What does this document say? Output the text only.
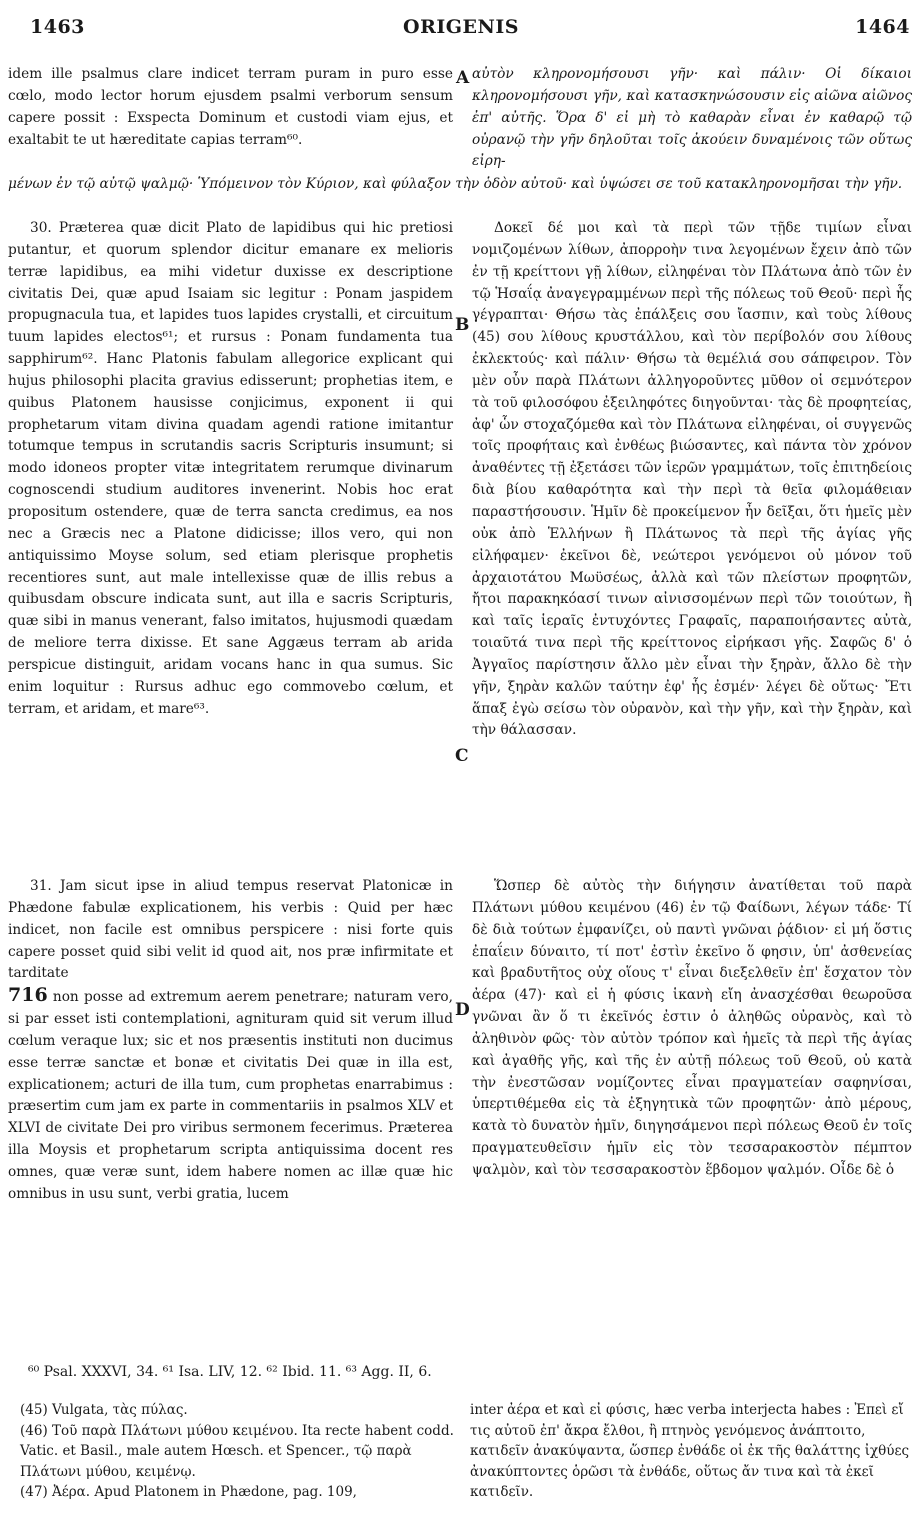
1463	ORIGENIS	1464
A
B
C
D

idem ille psalmus clare indicet terram puram in puro esse cœlo, modo lector horum ejusdem psalmi verborum sensum capere possit : Exspecta Dominum et custodi viam ejus, et exaltabit te ut hæreditate capias terram⁶⁰.

αὐτὸν κληρονομήσουσι γῆν· καὶ πάλιν· Οἱ δίκαιοι κληρονομήσουσι γῆν, καὶ κατασκηνώσουσιν εἰς αἰῶνα αἰῶνος ἐπ' αὐτῆς. Ὅρα δ' εἰ μὴ τὸ καθαρὰν εἶναι ἐν καθαρῷ τῷ οὐρανῷ τὴν γῆν δηλοῦται τοῖς ἀκούειν δυναμένοις τῶν οὕτως εἰρη-

μένων ἐν τῷ αὐτῷ ψαλμῷ· Ὑπόμεινον τὸν Κύριον, καὶ φύλαξον τὴν ὁδὸν αὐτοῦ· καὶ ὑψώσει σε τοῦ κατακληρονομῆσαι τὴν γῆν.

30. Præterea quæ dicit Plato de lapidibus qui hic pretiosi putantur, et quorum splendor dicitur emanare ex melioris terræ lapidibus, ea mihi videtur duxisse ex descriptione civitatis Dei, quæ apud Isaiam sic legitur : Ponam jaspidem propugnacula tua, et lapides tuos lapides crystalli, et circuitum tuum lapides electos⁶¹; et rursus : Ponam fundamenta tua sapphirum⁶². Hanc Platonis fabulam allegorice explicant qui hujus philosophi placita gravius edisserunt; prophetias item, e quibus Platonem hausisse conjicimus, exponent ii qui prophetarum vitam divina quadam agendi ratione imitantur totumque tempus in scrutandis sacris Scripturis insumunt; si modo idoneos propter vitæ integritatem rerumque divinarum cognoscendi studium auditores invenerint. Nobis hoc erat propositum ostendere, quæ de terra sancta credimus, ea nos nec a Græcis nec a Platone didicisse; illos vero, qui non antiquissimo Moyse solum, sed etiam plerisque prophetis recentiores sunt, aut male intellexisse quæ de illis rebus a quibusdam obscure indicata sunt, aut illa e sacris Scripturis, quæ sibi in manus venerant, falso imitatos, hujusmodi quædam de meliore terra dixisse. Et sane Aggæus terram ab arida perspicue distinguit, aridam vocans hanc in qua sumus. Sic enim loquitur : Rursus adhuc ego commovebo cœlum, et terram, et aridam, et mare⁶³.

Δοκεῖ δέ μοι καὶ τὰ περὶ τῶν τῇδε τιμίων εἶναι νομιζομένων λίθων, ἀπορροὴν τινα λεγομένων ἔχειν ἀπὸ τῶν ἐν τῇ κρείττονι γῇ λίθων, εἰληφέναι τὸν Πλάτωνα ἀπὸ τῶν ἐν τῷ Ἡσαΐᾳ ἀναγεγραμμένων περὶ τῆς πόλεως τοῦ Θεοῦ· περὶ ἧς γέγραπται· Θήσω τὰς ἐπάλξεις σου ἴασπιν, καὶ τοὺς λίθους (45) σου λίθους κρυστάλλου, καὶ τὸν περίβολόν σου λίθους ἐκλεκτούς· καὶ πάλιν· Θήσω τὰ θεμέλιά σου σάπφειρον. Τὸν μὲν οὖν παρὰ Πλάτωνι ἀλληγοροῦντες μῦθον οἱ σεμνότερον τὰ τοῦ φιλοσόφου ἐξειληφότες διηγοῦνται· τὰς δὲ προφητείας, ἀφ' ὧν στοχαζόμεθα καὶ τὸν Πλάτωνα εἰληφέναι, οἱ συγγενῶς τοῖς προφήταις καὶ ἐνθέως βιώσαντες, καὶ πάντα τὸν χρόνον ἀναθέντες τῇ ἐξετάσει τῶν ἱερῶν γραμμάτων, τοῖς ἐπιτηδείοις διὰ βίου καθαρότητα καὶ τὴν περὶ τὰ θεῖα φιλομάθειαν παραστήσουσιν. Ἡμῖν δὲ προκείμενον ἦν δεῖξαι, ὅτι ἡμεῖς μὲν οὐκ ἀπὸ Ἑλλήνων ἢ Πλάτωνος τὰ περὶ τῆς ἁγίας γῆς εἰλήφαμεν· ἐκεῖνοι δὲ, νεώτεροι γενόμενοι οὐ μόνον τοῦ ἀρχαιοτάτου Μωϋσέως, ἀλλὰ καὶ τῶν πλείστων προφητῶν, ἤτοι παρακηκόασί τινων αἰνισσομένων περὶ τῶν τοιούτων, ἢ καὶ ταῖς ἱεραῖς ἐντυχόντες Γραφαῖς, παραποιήσαντες αὐτὰ, τοιαῦτά τινα περὶ τῆς κρείττονος εἰρήκασι γῆς. Σαφῶς δ' ὁ Ἀγγαῖος παρίστησιν ἄλλο μὲν εἶναι τὴν ξηρὰν, ἄλλο δὲ τὴν γῆν, ξηρὰν καλῶν ταύτην ἐφ' ἧς ἐσμέν· λέγει δὲ οὕτως· Ἔτι ἅπαξ ἐγὼ σείσω τὸν οὐρανὸν, καὶ τὴν γῆν, καὶ τὴν ξηρὰν, καὶ τὴν θάλασσαν.

31. Jam sicut ipse in aliud tempus reservat Platonicæ in Phædone fabulæ explicationem, his verbis : Quid per hæc indicet, non facile est omnibus perspicere : nisi forte quis capere posset quid sibi velit id quod ait, nos præ infirmitate et tarditate

716 non posse ad extremum aerem penetrare; naturam vero, si par esset isti contemplationi, agnituram quid sit verum illud cœlum veraque lux; sic et nos præsentis instituti non ducimus esse terræ sanctæ et bonæ et civitatis Dei quæ in illa est, explicationem; acturi de illa tum, cum prophetas enarrabimus : præsertim cum jam ex parte in commentariis in psalmos XLV et XLVI de civitate Dei pro viribus sermonem fecerimus. Præterea illa Moysis et prophetarum scripta antiquissima docent res omnes, quæ veræ sunt, idem habere nomen ac illæ quæ hic omnibus in usu sunt, verbi gratia, lucem

Ὥσπερ δὲ αὐτὸς τὴν διήγησιν ἀνατίθεται τοῦ παρὰ Πλάτωνι μύθου κειμένου (46) ἐν τῷ Φαίδωνι, λέγων τάδε· Τί δὲ διὰ τούτων ἐμφανίζει, οὐ παντὶ γνῶναι ῥᾴδιον· εἰ μή ὅστις ἐπαΐειν δύναιτο, τί ποτ' ἐστὶν ἐκεῖνο ὅ φησιν, ὑπ' ἀσθενείας καὶ βραδυτῆτος οὐχ οἵους τ' εἶναι διεξελθεῖν ἐπ' ἔσχατον τὸν ἀέρα (47)· καὶ εἰ ἡ φύσις ἱκανὴ εἴη ἀνασχέσθαι θεωροῦσα γνῶναι ἂν ὅ τι ἐκεῖνός ἐστιν ὁ ἀληθῶς οὐρανὸς, καὶ τὸ ἀληθινὸν φῶς· τὸν αὐτὸν τρόπον καὶ ἡμεῖς τὰ περὶ τῆς ἁγίας καὶ ἀγαθῆς γῆς, καὶ τῆς ἐν αὐτῇ πόλεως τοῦ Θεοῦ, οὐ κατὰ τὴν ἐνεστῶσαν νομίζοντες εἶναι πραγματείαν σαφηνίσαι, ὑπερτιθέμεθα εἰς τὰ ἐξηγητικὰ τῶν προφητῶν· ἀπὸ μέρους, κατὰ τὸ δυνατὸν ἡμῖν, διηγησάμενοι περὶ πόλεως Θεοῦ ἐν τοῖς πραγματευθεῖσιν ἡμῖν εἰς τὸν τεσσαρακοστὸν πέμπτον ψαλμὸν, καὶ τὸν τεσσαρακοστὸν ἕβδομον ψαλμόν. Οἶδε δὲ ὁ

⁶⁰ Psal. XXXVI, 34. ⁶¹ Isa. LIV, 12. ⁶² Ibid. 11. ⁶³ Agg. II, 6.

(45) Vulgata, τὰς πύλας.

(46) Τοῦ παρὰ Πλάτωνι μύθου κειμένου. Ita recte habent codd. Vatic. et Basil., male autem Hœsch. et Spencer., τῷ παρὰ Πλάτωνι μύθου, κειμένῳ.

(47) Ἀέρα. Apud Platonem in Phædone, pag. 109,

inter ἀέρα et καὶ εἰ φύσις, hæc verba interjecta habes : Ἐπεὶ εἴ τις αὐτοῦ ἐπ' ἄκρα ἔλθοι, ἢ πτηνὸς γενόμενος ἀνάπτοιτο, κατιδεῖν ἀνακύψαντα, ὥσπερ ἐνθάδε οἱ ἐκ τῆς θαλάττης ἰχθύες ἀνακύπτοντες ὁρῶσι τὰ ἐνθάδε, οὕτως ἄν τινα καὶ τὰ ἐκεῖ κατιδεῖν.
